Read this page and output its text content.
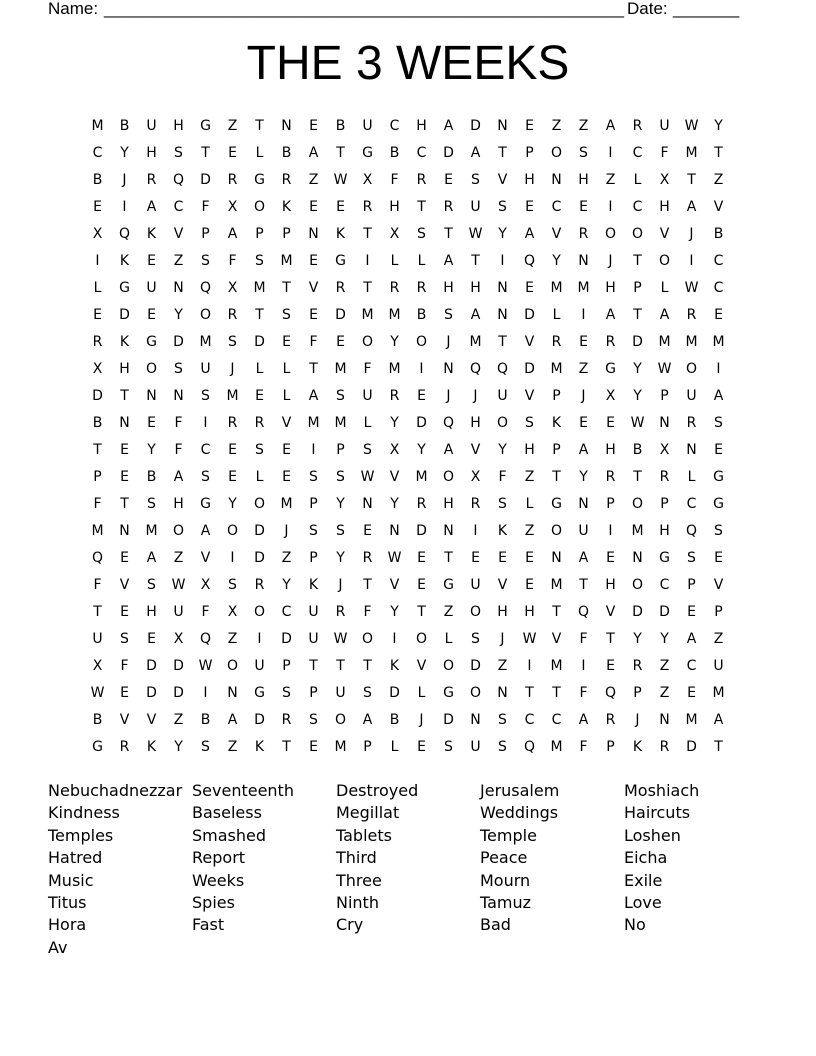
Name: _______________________________________________________ Date: _______
THE 3 WEEKS
M	B	U	H	G	Z	T	N	E	B	U	C	H	A	D	N	E	Z	Z	A	R	U	W	Y
C	Y	H	S	T	E	L	B	A	T	G	B	C	D	A	T	P	O	S	I	C	F	M	T
B	J	R	Q	D	R	G	R	Z	W	X	F	R	E	S	V	H	N	H	Z	L	X	T	Z
E	I	A	C	F	X	O	K	E	E	R	H	T	R	U	S	E	C	E	I	C	H	A	V
X	Q	K	V	P	A	P	P	N	K	T	X	S	T	W	Y	A	V	R	O	O	V	J	B
I	K	E	Z	S	F	S	M	E	G	I	L	L	A	T	I	Q	Y	N	J	T	O	I	C
L	G	U	N	Q	X	M	T	V	R	T	R	R	H	H	N	E	M	M	H	P	L	W	C
E	D	E	Y	O	R	T	S	E	D	M	M	B	S	A	N	D	L	I	A	T	A	R	E
R	K	G	D	M	S	D	E	F	E	O	Y	O	J	M	T	V	R	E	R	D	M	M	M
X	H	O	S	U	J	L	L	T	M	F	M	I	N	Q	Q	D	M	Z	G	Y	W	O	I
D	T	N	N	S	M	E	L	A	S	U	R	E	J	J	U	V	P	J	X	Y	P	U	A
B	N	E	F	I	R	R	V	M	M	L	Y	D	Q	H	O	S	K	E	E	W	N	R	S
T	E	Y	F	C	E	S	E	I	P	S	X	Y	A	V	Y	H	P	A	H	B	X	N	E
P	E	B	A	S	E	L	E	S	S	W	V	M	O	X	F	Z	T	Y	R	T	R	L	G
F	T	S	H	G	Y	O	M	P	Y	N	Y	R	H	R	S	L	G	N	P	O	P	C	G
M	N	M	O	A	O	D	J	S	S	E	N	D	N	I	K	Z	O	U	I	M	H	Q	S
Q	E	A	Z	V	I	D	Z	P	Y	R	W	E	T	E	E	E	N	A	E	N	G	S	E
F	V	S	W	X	S	R	Y	K	J	T	V	E	G	U	V	E	M	T	H	O	C	P	V
T	E	H	U	F	X	O	C	U	R	F	Y	T	Z	O	H	H	T	Q	V	D	D	E	P
U	S	E	X	Q	Z	I	D	U	W	O	I	O	L	S	J	W	V	F	T	Y	Y	A	Z
X	F	D	D	W	O	U	P	T	T	T	K	V	O	D	Z	I	M	I	E	R	Z	C	U
W	E	D	D	I	N	G	S	P	U	S	D	L	G	O	N	T	T	F	Q	P	Z	E	M
B	V	V	Z	B	A	D	R	S	O	A	B	J	D	N	S	C	C	A	R	J	N	M	A
G	R	K	Y	S	Z	K	T	E	M	P	L	E	S	U	S	Q	M	F	P	K	R	D	T
Nebuchadnezzar Seventeenth	Destroyed	Jerusalem	Moshiach
Kindness	Baseless	Megillat	Weddings	Haircuts
Temples	Smashed	Tablets	Temple	Loshen
Hatred	Report	Third	Peace	Eicha
Music	Weeks	Three	Mourn	Exile
Titus	Spies	Ninth	Tamuz	Love
Hora	Fast	Cry	Bad	No
Av
